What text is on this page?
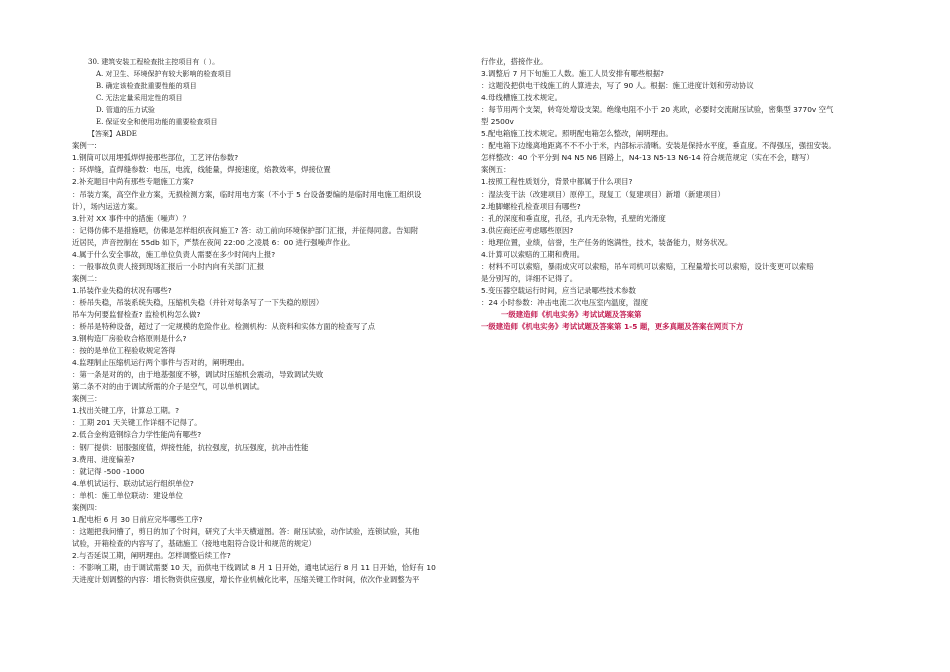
30. 建筑安装工程检查批主控项目有（ ）。
A. 对卫生、环境保护有较大影响的检查项目
B. 确定该检查批重要性能的项目
C. 无法定量采用定性的项目
D. 管道的压力试验
E. 保证安全和使用功能的重要检查项目
【答案】ABDE
案例一:
1.钢筒可以用埋弧焊焊接那些部位，工艺评估参数?
：环焊缝，直焊缝参数：电压，电流，线能量，焊接速度，焰教效率，焊接位置
2.补充题目中尚有那些专题施工方案?
：吊装方案，高空作业方案，无损检测方案，临时用电方案（不小于 5 台设备要编的是临时用电施工组织设
计），场内运送方案。
3.针对 XX 事件中的措施（噪声）？
：记得仿佛不是措施吧，仿佛是怎样组织夜间施工? 答：动工前向环境保护部门汇报，并征得同意。告知附
近居民，声音控制在 55db 如下，严禁在夜间 22:00 之凌晨 6：00 进行强噪声作业。
4.属于什么安全事故，施工单位负责人需要在多少时间内上报?
：一般事故负责人接到现场汇报后一小时内向有关部门汇报
案例二：
1.吊装作业失稳的状况有哪些?
：桥吊失稳，吊装系统失稳，压缩机失稳（并针对每条写了一下失稳的原因）
吊车为何要监督检查? 监检机构怎么做?
：桥吊是特种设备，超过了一定规模的危险作业。检测机构：从资料和实体方面的检查写了点
3.钢构造厂房验收合格原则是什么?
：按的是单位工程验收规定答得
4.监理制止压缩机运行两个事件与否对的，阐明理由。
：第一条是对的的，由于地基强度不够，调试时压缩机会震动，导致调试失败
第二条不对的由于调试所需的介子是空气，可以单机调试。
案例三：
1.找出关键工序，计算总工期。?
：工期 201 天关键工作详细不记得了。
2.低合金构造钢综合力学性能尚有哪些?
：钢厂提供：屈服强度值，焊接性能，抗拉强度，抗压强度，抗冲击性能
3.费用、进度偏差?
：就记得 -500 -1000
4.单机试运行、联动试运行组织单位?
：单机：施工单位联动：建设单位
案例四：
1.配电柜 6 月 30 日前应完毕哪些工序?
：这题把我问懵了，剪日的加了个时间，研究了大半天横道图。答：耐压试验，动作试验，连锁试验，其他
试验，开箱检查的内容写了，基础施工（接地电阻符合设计和规范的规定）
2.与否延误工期，阐明理由。怎样调整后续工作?
：不影响工期，由于调试需要 10 天，而供电干线调试 8 月 1 日开始，通电试运行 8 月 11 日开始，恰好有 10
天进度计划调整的内容：增长物资供应强度，增长作业机械化比率，压缩关键工作时间，依次作业调整为平
行作业，搭接作业。
3.调整后 7 月下旬施工人数。施工人员安排有哪些根据?
：这题没把供电干线施工的人算进去，写了 90 人。根据：施工进度计划和劳动协议
4.母线槽施工技术规定。
：每节用两个支架，转弯处增设支架。绝缘电阻不小于 20 兆欧，必要时交流耐压试验，密集型 3770v 空气
型 2500v
5.配电箱施工技术规定。照明配电箱怎么整改，阐明理由。
：配电箱下边缘离地距离不不不小于米，内部标示清晰。安装是保持水平度，垂直度。不得强压，强扭安装。
怎样整改：40 个平分到 N4 N5 N6 回路上，N4-13 N5-13 N6-14 符合规范规定（实在不会，瞎写）
案例五：
1.按照工程性质划分，背景中都属于什么项目?
：湿法变干法（改建项目）原停工，现复工（复建项目）新增（新建项目）
2.地脚螺栓孔检查项目有哪些?
：孔的深度和垂直度，孔径，孔内无杂物，孔壁的光滑度
3.供应商还应考虑哪些原因?
：地理位置，业绩，信誉，生产任务的饱满性，技术，装备能力，财务状况。
4.计算可以索赔的工期和费用。
：材料不可以索赔，暴雨成灾可以索赔，吊车司机可以索赔，工程量增长可以索赔，设计变更可以索赔
是分别写的，详细不记得了。
5.变压器空载运行时间，应当记录哪些技术参数
：24 小时参数：冲击电流二次电压室内温度，湿度
一级建造师《机电实务》考试试题及答案第
一级建造师《机电实务》考试试题及答案第 1-5 题，更多真题及答案在网页下方
